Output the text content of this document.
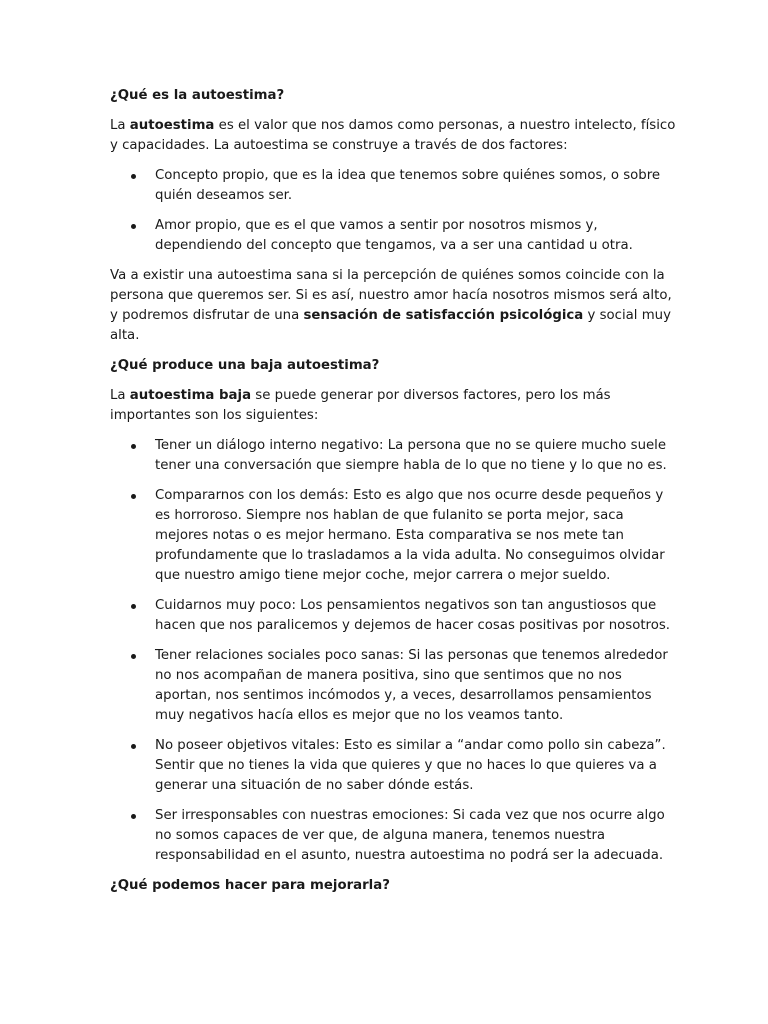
¿Qué es la autoestima?

La autoestima es el valor que nos damos como personas, a nuestro intelecto, físico y capacidades. La autoestima se construye a través de dos factores:

Concepto propio, que es la idea que tenemos sobre quiénes somos, o sobre quién deseamos ser.
Amor propio, que es el que vamos a sentir por nosotros mismos y, dependiendo del concepto que tengamos, va a ser una cantidad u otra.

Va a existir una autoestima sana si la percepción de quiénes somos coincide con la persona que queremos ser. Si es así, nuestro amor hacía nosotros mismos será alto, y podremos disfrutar de una sensación de satisfacción psicológica y social muy alta.

¿Qué produce una baja autoestima?

La autoestima baja se puede generar por diversos factores, pero los más importantes son los siguientes:

Tener un diálogo interno negativo: La persona que no se quiere mucho suele tener una conversación que siempre habla de lo que no tiene y lo que no es.
Compararnos con los demás: Esto es algo que nos ocurre desde pequeños y es horroroso. Siempre nos hablan de que fulanito se porta mejor, saca mejores notas o es mejor hermano. Esta comparativa se nos mete tan profundamente que lo trasladamos a la vida adulta. No conseguimos olvidar que nuestro amigo tiene mejor coche, mejor carrera o mejor sueldo.
Cuidarnos muy poco: Los pensamientos negativos son tan angustiosos que hacen que nos paralicemos y dejemos de hacer cosas positivas por nosotros.
Tener relaciones sociales poco sanas: Si las personas que tenemos alrededor no nos acompañan de manera positiva, sino que sentimos que no nos aportan, nos sentimos incómodos y, a veces, desarrollamos pensamientos muy negativos hacía ellos es mejor que no los veamos tanto.
No poseer objetivos vitales: Esto es similar a “andar como pollo sin cabeza”. Sentir que no tienes la vida que quieres y que no haces lo que quieres va a generar una situación de no saber dónde estás.
Ser irresponsables con nuestras emociones: Si cada vez que nos ocurre algo no somos capaces de ver que, de alguna manera, tenemos nuestra responsabilidad en el asunto, nuestra autoestima no podrá ser la adecuada.

¿Qué podemos hacer para mejorarla?
